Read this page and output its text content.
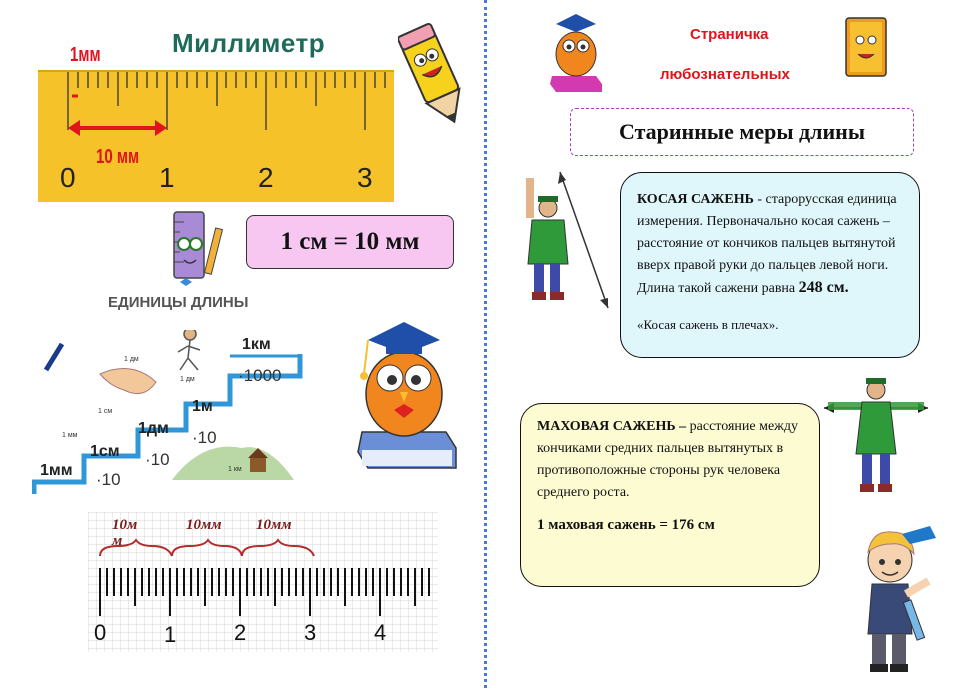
Миллиметр
0	1	2	3
1мм
10 мм
1 см = 10 мм
ЕДИНИЦЫ ДЛИНЫ
1мм
1см
1дм
1м
1км
·10
·10
·10
·1000
1 дм
1 дм
1 см
1 мм
1 км
10м
м
10мм 10мм
0	1	2	3	4
Страничка
любознательных
Старинные меры длины
КОСАЯ САЖЕНЬ - старорусская единица измерения. Первоначально косая сажень – расстояние от кончиков пальцев вытянутой вверх правой руки до пальцев левой ноги. Длина такой сажени равна 248 см.
«Косая сажень в плечах».
МАХОВАЯ САЖЕНЬ – расстояние между кончиками средних пальцев вытянутых в противоположные стороны рук человека среднего роста.
1 маховая сажень = 176 см
